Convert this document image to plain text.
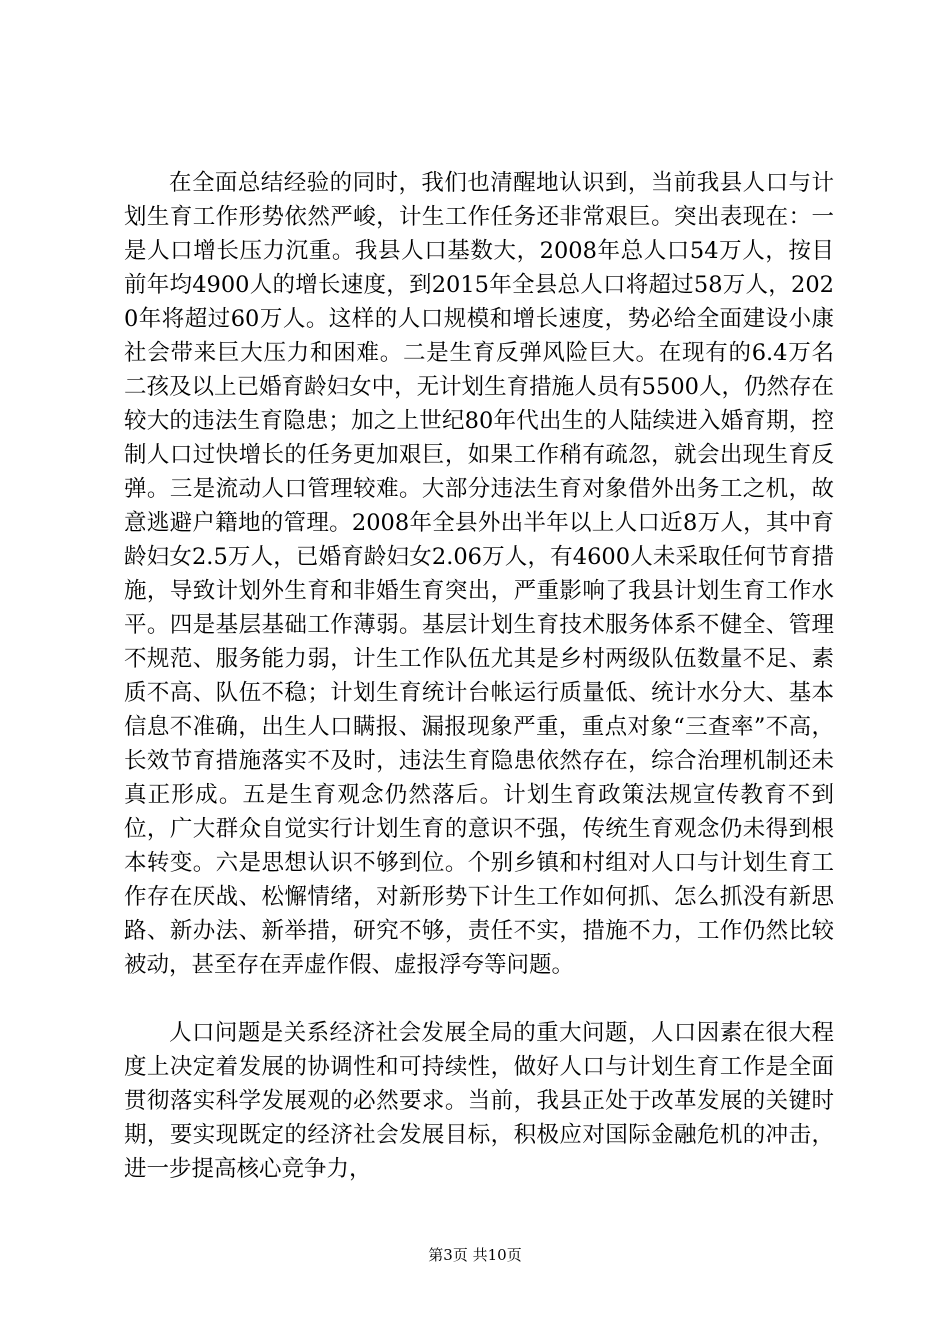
在全面总结经验的同时，我们也清醒地认识到，当前我县人口与计划生育工作形势依然严峻，计生工作任务还非常艰巨。突出表现在：一是人口增长压力沉重。我县人口基数大，2008年总人口54万人，按目前年均4900人的增长速度，到2015年全县总人口将超过58万人，2020年将超过60万人。这样的人口规模和增长速度，势必给全面建设小康社会带来巨大压力和困难。二是生育反弹风险巨大。在现有的6.4万名二孩及以上已婚育龄妇女中，无计划生育措施人员有5500人，仍然存在较大的违法生育隐患；加之上世纪80年代出生的人陆续进入婚育期，控制人口过快增长的任务更加艰巨，如果工作稍有疏忽，就会出现生育反弹。三是流动人口管理较难。大部分违法生育对象借外出务工之机，故意逃避户籍地的管理。2008年全县外出半年以上人口近8万人，其中育龄妇女2.5万人，已婚育龄妇女2.06万人，有4600人未采取任何节育措施，导致计划外生育和非婚生育突出，严重影响了我县计划生育工作水平。四是基层基础工作薄弱。基层计划生育技术服务体系不健全、管理不规范、服务能力弱，计生工作队伍尤其是乡村两级队伍数量不足、素质不高、队伍不稳；计划生育统计台帐运行质量低、统计水分大、基本信息不准确，出生人口瞒报、漏报现象严重，重点对象“三查率”不高，长效节育措施落实不及时，违法生育隐患依然存在，综合治理机制还未真正形成。五是生育观念仍然落后。计划生育政策法规宣传教育不到位，广大群众自觉实行计划生育的意识不强，传统生育观念仍未得到根本转变。六是思想认识不够到位。个别乡镇和村组对人口与计划生育工作存在厌战、松懈情绪，对新形势下计生工作如何抓、怎么抓没有新思路、新办法、新举措，研究不够，责任不实，措施不力，工作仍然比较被动，甚至存在弄虚作假、虚报浮夸等问题。

人口问题是关系经济社会发展全局的重大问题，人口因素在很大程度上决定着发展的协调性和可持续性，做好人口与计划生育工作是全面贯彻落实科学发展观的必然要求。当前，我县正处于改革发展的关键时期，要实现既定的经济社会发展目标，积极应对国际金融危机的冲击，进一步提高核心竞争力，

第3页 共10页
